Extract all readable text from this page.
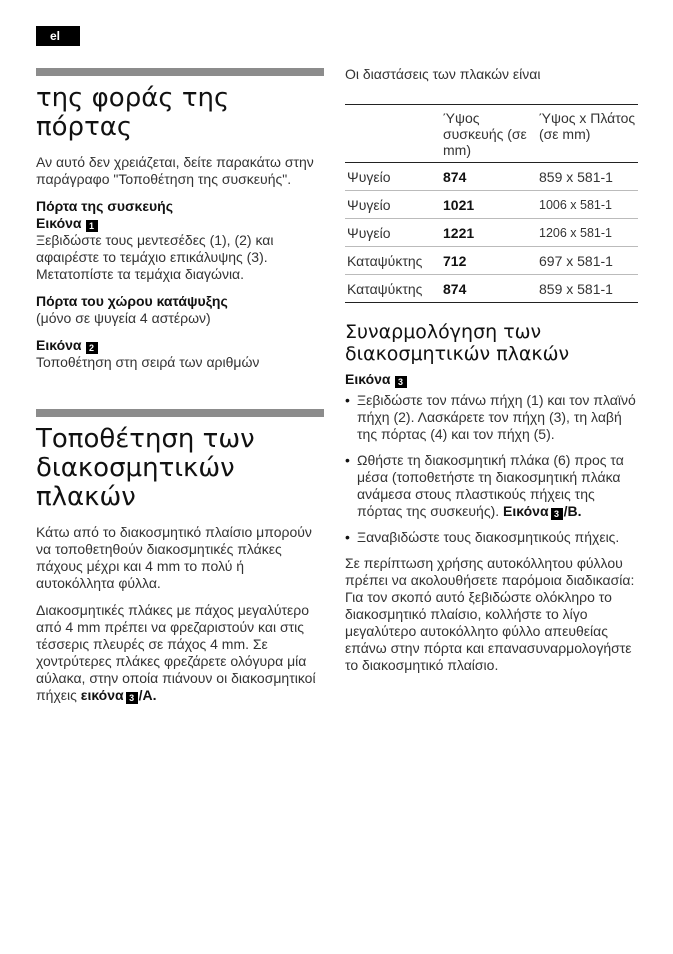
el
της φοράς της πόρτας

Αν αυτό δεν χρειάζεται, δείτε παρακάτω στην παράγραφο "Τοποθέτηση της συσκευής".

Πόρτα της συσκευής

Εικόνα 1

Ξεβιδώστε τους μεντεσέδες (1), (2) και αφαιρέστε το τεμάχιο επικάλυψης (3). Μετατοπίστε τα τεμάχια διαγώνια.

Πόρτα του χώρου κατάψυξης

(μόνο σε ψυγεία 4 αστέρων)

Εικόνα 2

Τοποθέτηση στη σειρά των αριθμών

Τοποθέτηση των διακοσμητικών πλακών

Κάτω από το διακοσμητικό πλαίσιο μπορούν να τοποθετηθούν διακοσμητικές πλάκες πάχους μέχρι και 4 mm το πολύ ή αυτοκόλλητα φύλλα.

Διακοσμητικές πλάκες με πάχος μεγαλύτερο από 4 mm πρέπει να φρεζαριστούν και στις τέσσερις πλευρές σε πάχος 4 mm. Σε χοντρύτερες πλάκες φρεζάρετε ολόγυρα μία αύλακα, στην οποία πιάνουν οι διακοσμητικοί πήχεις εικόνα 3 /A.

Οι διαστάσεις των πλακών είναι

	Ύψος συσκευής (σε mm)	Ύψος x Πλάτος (σε mm)
Ψυγείο	874	859 x 581-1
Ψυγείο	1021	1006 x 581-1
Ψυγείο	1221	1206 x 581-1
Καταψύκτης	712	697 x 581-1
Καταψύκτης	874	859 x 581-1
Συναρμολόγηση των διακοσμητικών πλακών

Εικόνα 3

• Ξεβιδώστε τον πάνω πήχη (1) και τον πλαϊνό πήχη (2). Λασκάρετε τον πήχη (3), τη λαβή της πόρτας (4) και τον πήχη (5).
• Ωθήστε τη διακοσμητική πλάκα (6) προς τα μέσα (τοποθετήστε τη διακοσμητική πλάκα ανάμεσα στους πλαστικούς πήχεις της πόρτας της συσκευής). Εικόνα 3 /B.
• Ξαναβιδώστε τους διακοσμητικούς πήχεις.

Σε περίπτωση χρήσης αυτοκόλλητου φύλλου πρέπει να ακολουθήσετε παρόμοια διαδικασία: Για τον σκοπό αυτό ξεβιδώστε ολόκληρο το διακοσμητικό πλαίσιο, κολλήστε το λίγο μεγαλύτερο αυτοκόλλητο φύλλο απευθείας επάνω στην πόρτα και επανασυναρμολογήστε το διακοσμητικό πλαίσιο.
